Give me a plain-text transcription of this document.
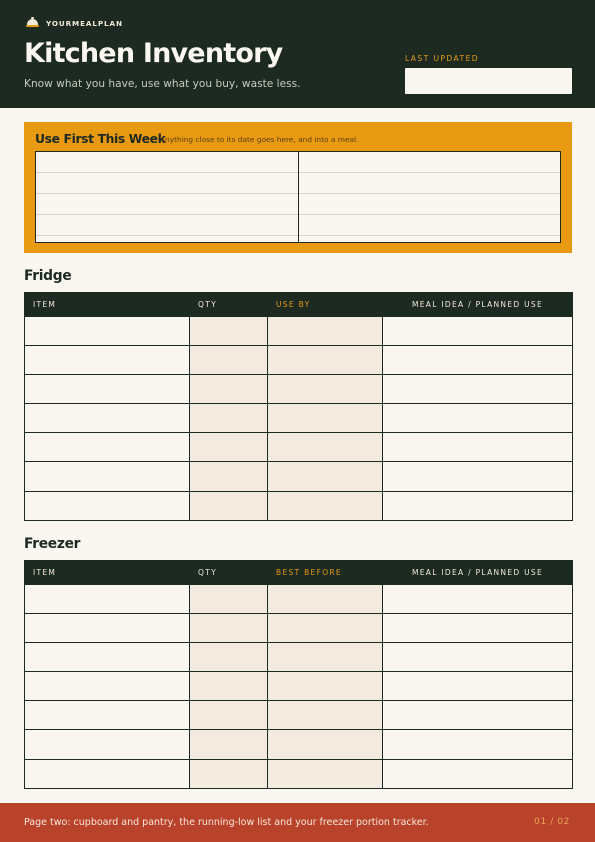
YOURMEALPLAN
Kitchen Inventory
Know what you have, use what you buy, waste less.
LAST UPDATED
Use First This Week
Anything close to its date goes here, and into a meal.
Fridge
ITEM	QTY	USE BY	MEAL IDEA / PLANNED USE

Freezer
ITEM	QTY	BEST BEFORE	MEAL IDEA / PLANNED USE

Page two: cupboard and pantry, the running-low list and your freezer portion tracker.	01 / 02
